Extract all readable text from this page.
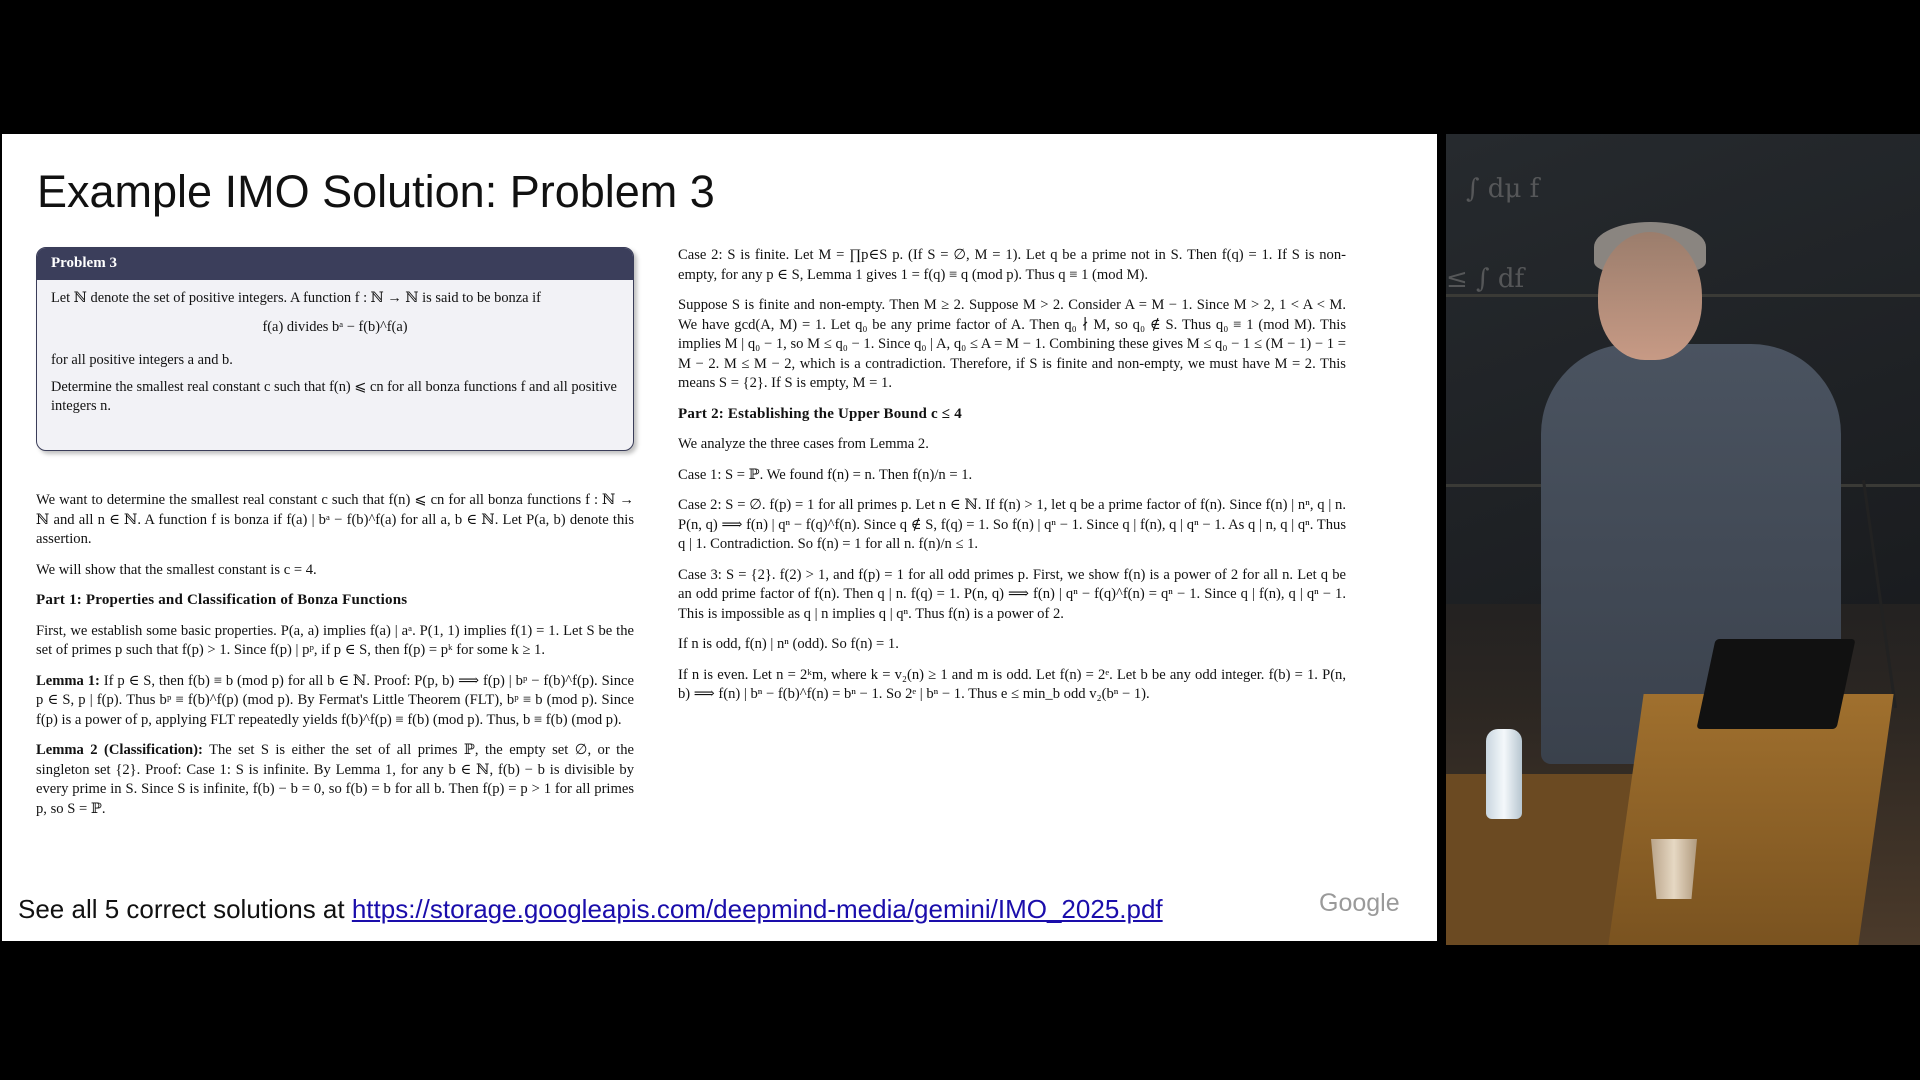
Example IMO Solution: Problem 3
Problem 3

Let ℕ denote the set of positive integers. A function f : ℕ → ℕ is said to be bonza if

f(a) divides bᵃ − f(b)^f(a)

for all positive integers a and b.

Determine the smallest real constant c such that f(n) ⩽ cn for all bonza functions f and all positive integers n.

We want to determine the smallest real constant c such that f(n) ⩽ cn for all bonza functions f : ℕ → ℕ and all n ∈ ℕ. A function f is bonza if f(a) | bᵃ − f(b)^f(a) for all a, b ∈ ℕ. Let P(a, b) denote this assertion.

We will show that the smallest constant is c = 4.

Part 1: Properties and Classification of Bonza Functions

First, we establish some basic properties. P(a, a) implies f(a) | aᵃ. P(1, 1) implies f(1) = 1. Let S be the set of primes p such that f(p) > 1. Since f(p) | pᵖ, if p ∈ S, then f(p) = pᵏ for some k ≥ 1.

Lemma 1: If p ∈ S, then f(b) ≡ b (mod p) for all b ∈ ℕ. Proof: P(p, b) ⟹ f(p) | bᵖ − f(b)^f(p). Since p ∈ S, p | f(p). Thus bᵖ ≡ f(b)^f(p) (mod p). By Fermat's Little Theorem (FLT), bᵖ ≡ b (mod p). Since f(p) is a power of p, applying FLT repeatedly yields f(b)^f(p) ≡ f(b) (mod p). Thus, b ≡ f(b) (mod p).

Lemma 2 (Classification): The set S is either the set of all primes ℙ, the empty set ∅, or the singleton set {2}. Proof: Case 1: S is infinite. By Lemma 1, for any b ∈ ℕ, f(b) − b is divisible by every prime in S. Since S is infinite, f(b) − b = 0, so f(b) = b for all b. Then f(p) = p > 1 for all primes p, so S = ℙ.

Case 2: S is finite. Let M = ∏p∈S p. (If S = ∅, M = 1). Let q be a prime not in S. Then f(q) = 1. If S is non-empty, for any p ∈ S, Lemma 1 gives 1 = f(q) ≡ q (mod p). Thus q ≡ 1 (mod M).

Suppose S is finite and non-empty. Then M ≥ 2. Suppose M > 2. Consider A = M − 1. Since M > 2, 1 < A < M. We have gcd(A, M) = 1. Let q₀ be any prime factor of A. Then q₀ ∤ M, so q₀ ∉ S. Thus q₀ ≡ 1 (mod M). This implies M | q₀ − 1, so M ≤ q₀ − 1. Since q₀ | A, q₀ ≤ A = M − 1. Combining these gives M ≤ q₀ − 1 ≤ (M − 1) − 1 = M − 2. M ≤ M − 2, which is a contradiction. Therefore, if S is finite and non-empty, we must have M = 2. This means S = {2}. If S is empty, M = 1.

Part 2: Establishing the Upper Bound c ≤ 4

We analyze the three cases from Lemma 2.

Case 1: S = ℙ. We found f(n) = n. Then f(n)/n = 1.

Case 2: S = ∅. f(p) = 1 for all primes p. Let n ∈ ℕ. If f(n) > 1, let q be a prime factor of f(n). Since f(n) | nⁿ, q | n. P(n, q) ⟹ f(n) | qⁿ − f(q)^f(n). Since q ∉ S, f(q) = 1. So f(n) | qⁿ − 1. Since q | f(n), q | qⁿ − 1. As q | n, q | qⁿ. Thus q | 1. Contradiction. So f(n) = 1 for all n. f(n)/n ≤ 1.

Case 3: S = {2}. f(2) > 1, and f(p) = 1 for all odd primes p. First, we show f(n) is a power of 2 for all n. Let q be an odd prime factor of f(n). Then q | n. f(q) = 1. P(n, q) ⟹ f(n) | qⁿ − f(q)^f(n) = qⁿ − 1. Since q | f(n), q | qⁿ − 1. This is impossible as q | n implies q | qⁿ. Thus f(n) is a power of 2.

If n is odd, f(n) | nⁿ (odd). So f(n) = 1.

If n is even. Let n = 2ᵏm, where k = v₂(n) ≥ 1 and m is odd. Let f(n) = 2ᵉ. Let b be any odd integer. f(b) = 1. P(n, b) ⟹ f(n) | bⁿ − f(b)^f(n) = bⁿ − 1. So 2ᵉ | bⁿ − 1. Thus e ≤ min_b odd v₂(bⁿ − 1).

See all 5 correct solutions at https://storage.googleapis.com/deepmind-media/gemini/IMO_2025.pdf	Google
∫ dμ f
≤ ∫ df
